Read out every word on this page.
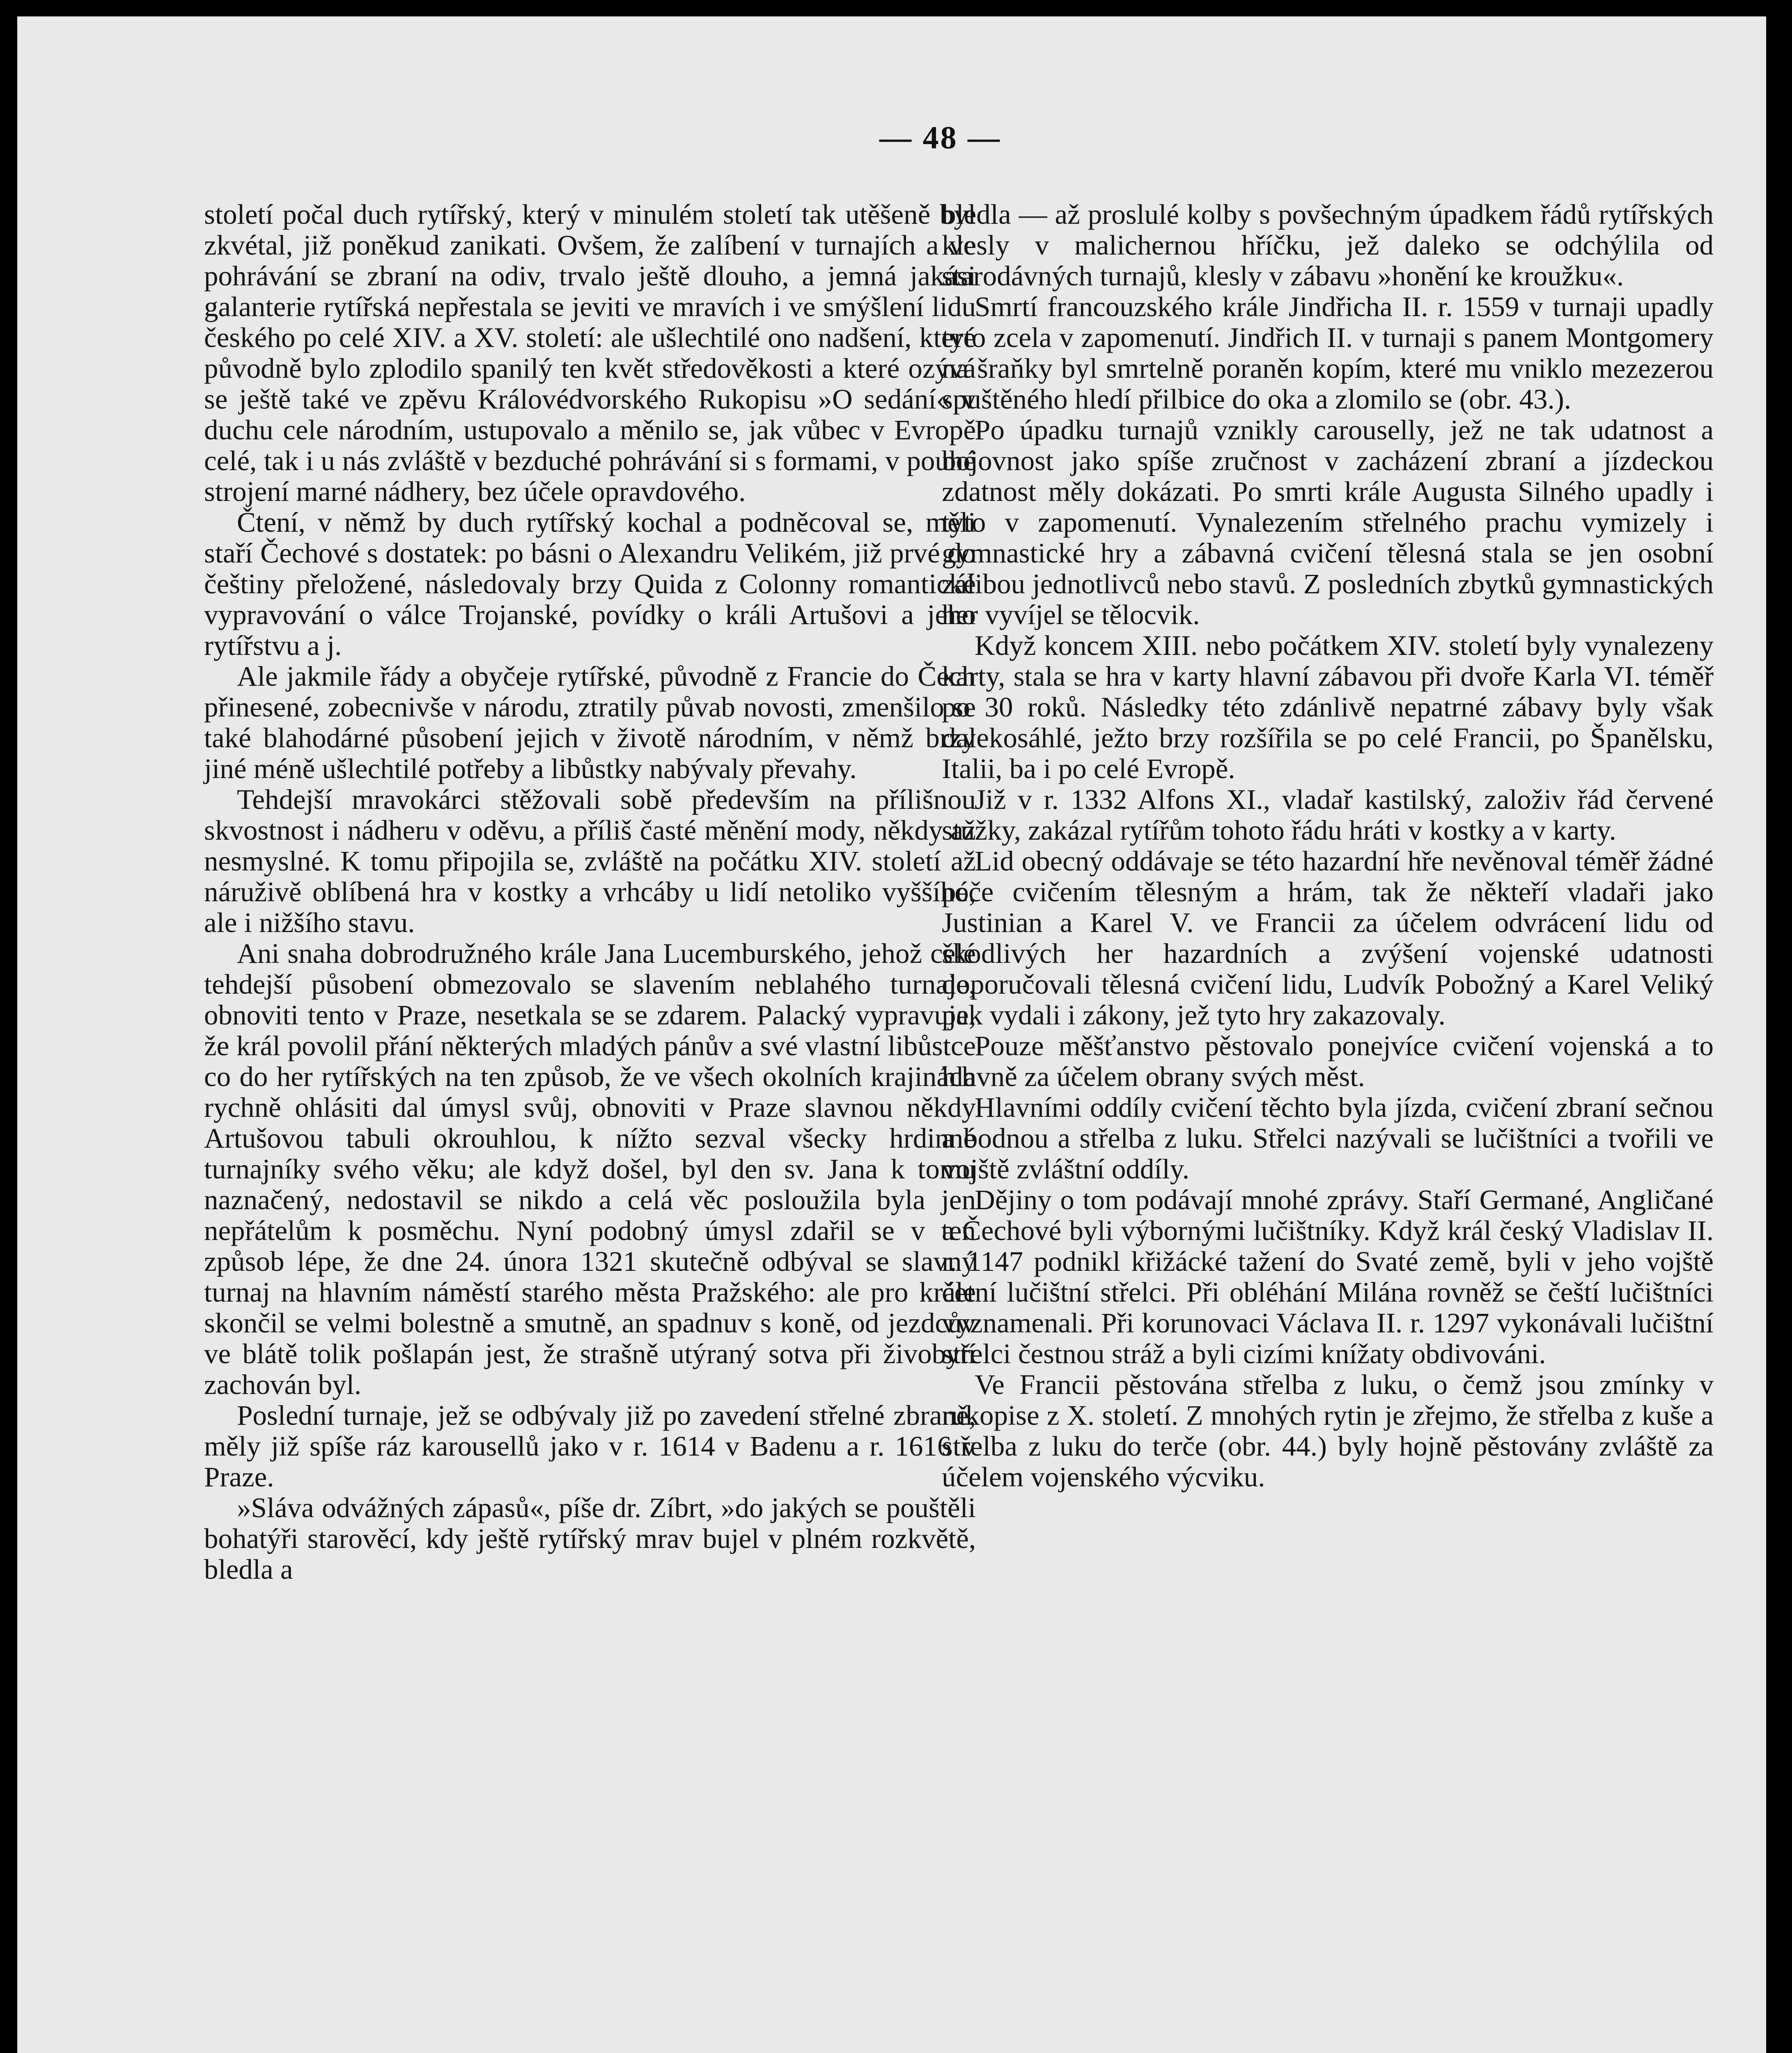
— 48 —

století počal duch rytířský, který v minulém století tak utěšeně byl zkvétal, již poněkud zanikati. Ovšem, že zalíbení v turnajích a ve pohrávání se zbraní na odiv, trvalo ještě dlouho, a jemná jakási galanterie rytířská nepřestala se jeviti ve mravích i ve smýšlení lidu českého po celé XIV. a XV. století: ale ušlechtilé ono nadšení, které původně bylo zplodilo spanilý ten květ středověkosti a které ozývá se ještě také ve zpěvu Královédvorského Rukopisu »O sedání« v duchu cele národním, ustupovalo a měnilo se, jak vůbec v Evropě celé, tak i u nás zvláště v bezduché pohrávání si s formami, v pouhé strojení marné nádhery, bez účele opravdového.

Čtení, v němž by duch rytířský kochal a podněcoval se, měli staří Čechové s dostatek: po básni o Alexandru Velikém, již prvé do češtiny přeložené, následovaly brzy Quida z Colonny romantické vypravování o válce Trojanské, povídky o králi Artušovi a jeho rytířstvu a j.

Ale jakmile řády a obyčeje rytířské, původně z Francie do Čech přinesené, zobecnivše v národu, ztratily půvab novosti, zmenšilo se také blahodárné působení jejich v životě národním, v němž brzy jiné méně ušlechtilé potřeby a libůstky nabývaly převahy.

Tehdejší mravokárci stěžovali sobě především na přílišnou skvostnost i nádheru v oděvu, a příliš časté měnění mody, někdy až nesmyslné. K tomu připojila se, zvláště na počátku XIV. století až náruživě oblíbená hra v kostky a vrhcáby u lidí netoliko vyššího, ale i nižšího stavu.

Ani snaha dobrodružného krále Jana Lucemburského, jehož celé tehdejší působení obmezovalo se slavením neblahého turnaje, obnoviti tento v Praze, nesetkala se se zdarem. Palacký vypravuje, že král povolil přání některých mladých pánův a své vlastní libůstce co do her rytířských na ten způsob, že ve všech okolních krajinách rychně ohlásiti dal úmysl svůj, obnoviti v Praze slavnou někdy Artušovou tabuli okrouhlou, k nížto sezval všecky hrdinné turnajníky svého věku; ale když došel, byl den sv. Jana k tomu naznačený, nedostavil se nikdo a celá věc posloužila byla jen nepřátelům k posměchu. Nyní podobný úmysl zdařil se v ten způsob lépe, že dne 24. února 1321 skutečně odbýval se slavný turnaj na hlavním náměstí starého města Pražského: ale pro krále skončil se velmi bolestně a smutně, an spadnuv s koně, od jezdcův ve blátě tolik pošlapán jest, že strašně utýraný sotva při živobytí zachován byl.

Poslední turnaje, jež se odbývaly již po zavedení střelné zbraně, měly již spíše ráz karousellů jako v r. 1614 v Badenu a r. 1616 v Praze.

»Sláva odvážných zápasů«, píše dr. Zíbrt, »do jakých se pouštěli bohatýři starověcí, kdy ještě rytířský mrav bujel v plném rozkvětě, bledla a

bledla — až proslulé kolby s povšechným úpadkem řádů rytířských klesly v malichernou hříčku, jež daleko se odchýlila od starodávných turnajů, klesly v zábavu »honění ke kroužku«.

Smrtí francouzského krále Jindřicha II. r. 1559 v turnaji upadly tyto zcela v zapomenutí. Jindřich II. v turnaji s panem Montgomery na šraňky byl smrtelně poraněn kopím, které mu vniklo mezezerou spuštěného hledí přilbice do oka a zlomilo se (obr. 43.).

Po úpadku turnajů vznikly carouselly, jež ne tak udatnost a bojovnost jako spíše zručnost v zacházení zbraní a jízdeckou zdatnost měly dokázati. Po smrti krále Augusta Silného upadly i tyto v zapomenutí. Vynalezením střelného prachu vymizely i gymnastické hry a zábavná cvičení tělesná stala se jen osobní zálibou jednotlivců nebo stavů. Z posledních zbytků gymnastických her vyvíjel se tělocvik.

Když koncem XIII. nebo počátkem XIV. století byly vynalezeny karty, stala se hra v karty hlavní zábavou při dvoře Karla VI. téměř po 30 roků. Následky této zdánlivě nepatrné zábavy byly však dalekosáhlé, ježto brzy rozšířila se po celé Francii, po Španělsku, Italii, ba i po celé Evropě.

Již v r. 1332 Alfons XI., vladař kastilský, založiv řád červené stužky, zakázal rytířům tohoto řádu hráti v kostky a v karty.

Lid obecný oddávaje se této hazardní hře nevěnoval téměř žádné péče cvičením tělesným a hrám, tak že někteří vladaři jako Justinian a Karel V. ve Francii za účelem odvrácení lidu od škodlivých her hazardních a zvýšení vojenské udatnosti doporučovali tělesná cvičení lidu, Ludvík Pobožný a Karel Veliký pak vydali i zákony, jež tyto hry zakazovaly.

Pouze měšťanstvo pěstovalo ponejvíce cvičení vojenská a to hlavně za účelem obrany svých měst.

Hlavními oddíly cvičení těchto byla jízda, cvičení zbraní sečnou a bodnou a střelba z luku. Střelci nazývali se lučištníci a tvořili ve vojště zvláštní oddíly.

Dějiny o tom podávají mnohé zprávy. Staří Germané, Angličané a Čechové byli výbornými lučištníky. Když král český Vladislav II. r. 1147 podnikl křižácké tažení do Svaté země, byli v jeho vojště četní lučištní střelci. Při obléhání Milána rovněž se čeští lučištníci vyznamenali. Při korunovaci Václava II. r. 1297 vykonávali lučištní střelci čestnou stráž a byli cizími knížaty obdivováni.

Ve Francii pěstována střelba z luku, o čemž jsou zmínky v rukopise z X. století. Z mnohých rytin je zřejmo, že střelba z kuše a střelba z luku do terče (obr. 44.) byly hojně pěstovány zvláště za účelem vojenského výcviku.
